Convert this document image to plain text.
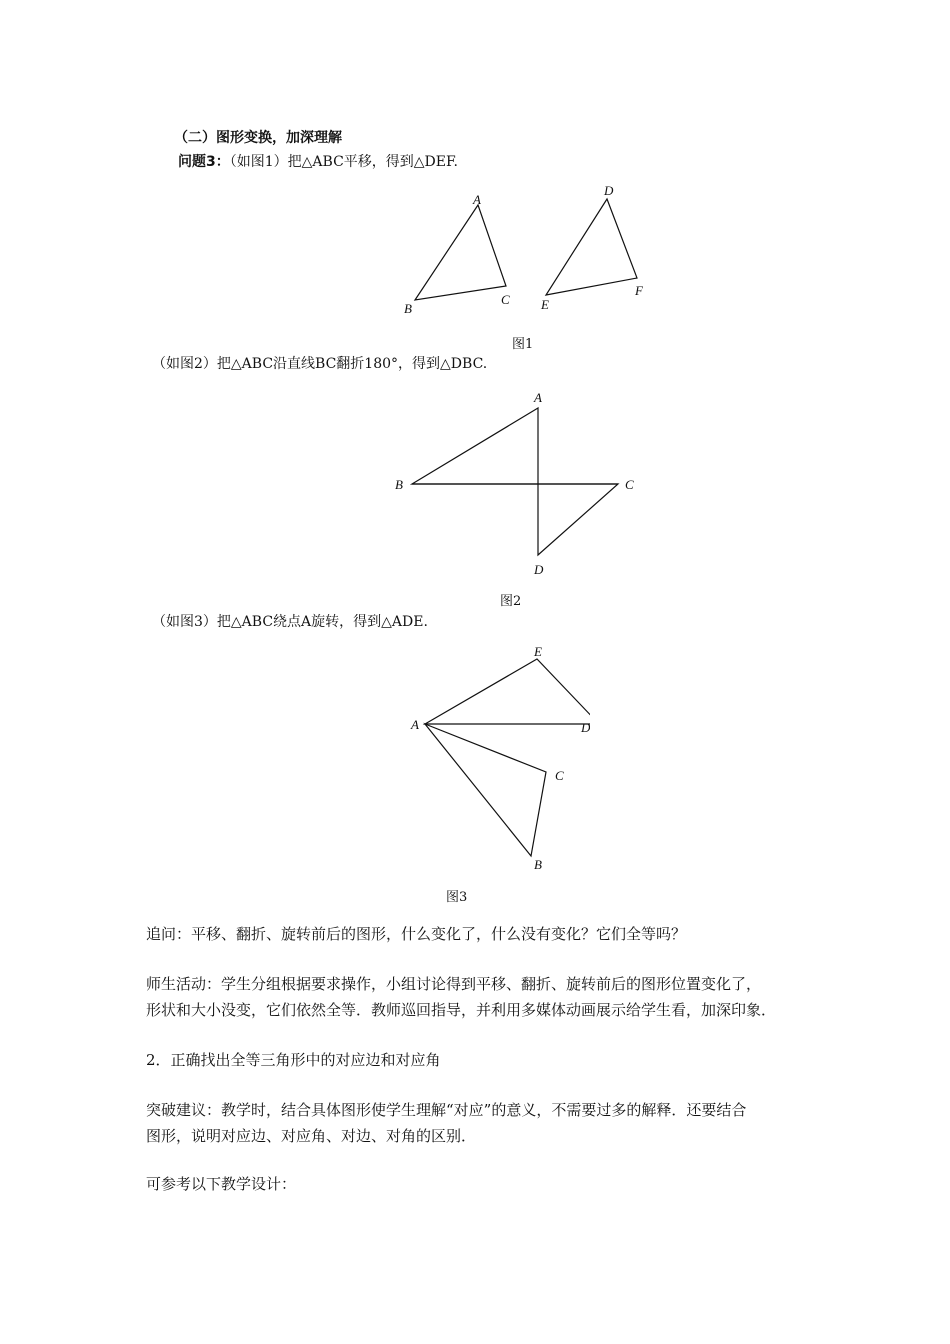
（二）图形变换，加深理解
问题3：（如图1）把△ABC平移，得到△DEF.
A
B
C
D
E
F
图1
（如图2）把△ABC沿直线BC翻折180°，得到△DBC.
A
B	C
D
图2
（如图3）把△ABC绕点A旋转，得到△ADE.
E
A	D
C
B
图3
追问：平移、翻折、旋转前后的图形，什么变化了，什么没有变化？它们全等吗？
师生活动：学生分组根据要求操作，小组讨论得到平移、翻折、旋转前后的图形位置变化了，
形状和大小没变，它们依然全等．教师巡回指导，并利用多媒体动画展示给学生看，加深印象．
2．正确找出全等三角形中的对应边和对应角
突破建议：教学时，结合具体图形使学生理解“对应”的意义，不需要过多的解释．还要结合
图形，说明对应边、对应角、对边、对角的区别．
可参考以下教学设计：
